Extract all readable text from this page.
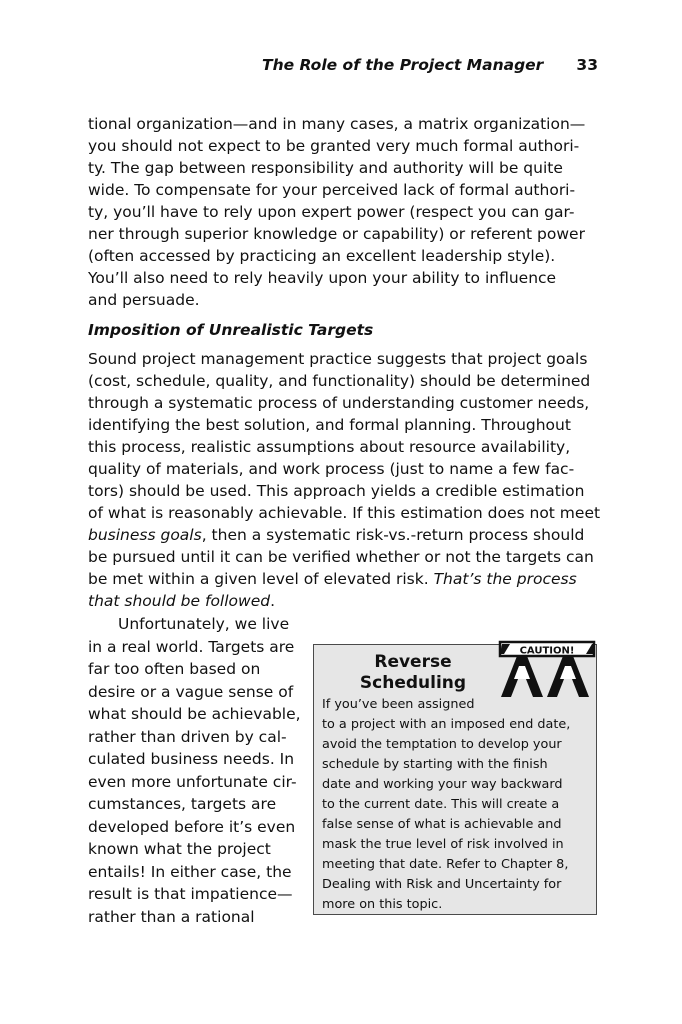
The Role of the Project Manager 33
tional organization—and in many cases, a matrix organization—
you should not expect to be granted very much formal authori-
ty. The gap between responsibility and authority will be quite
wide. To compensate for your perceived lack of formal authori-
ty, you’ll have to rely upon expert power (respect you can gar-
ner through superior knowledge or capability) or referent power
(often accessed by practicing an excellent leadership style).
You’ll also need to rely heavily upon your ability to influence
and persuade.
Imposition of Unrealistic Targets
Sound project management practice suggests that project goals
(cost, schedule, quality, and functionality) should be determined
through a systematic process of understanding customer needs,
identifying the best solution, and formal planning. Throughout
this process, realistic assumptions about resource availability,
quality of materials, and work process (just to name a few fac-
tors) should be used. This approach yields a credible estimation
of what is reasonably achievable. If this estimation does not meet
business goals, then a systematic risk-vs.-return process should
be pursued until it can be verified whether or not the targets can
be met within a given level of elevated risk. That’s the process
that should be followed.
Unfortunately, we live
in a real world. Targets are
far too often based on
desire or a vague sense of
what should be achievable,
rather than driven by cal-
culated business needs. In
even more unfortunate cir-
cumstances, targets are
developed before it’s even
known what the project
entails! In either case, the
result is that impatience—
rather than a rational
CAUTION!
Reverse
Scheduling
If you’ve been assigned
to a project with an imposed end date,
avoid the temptation to develop your
schedule by starting with the finish
date and working your way backward
to the current date. This will create a
false sense of what is achievable and
mask the true level of risk involved in
meeting that date. Refer to Chapter 8,
Dealing with Risk and Uncertainty for
more on this topic.
